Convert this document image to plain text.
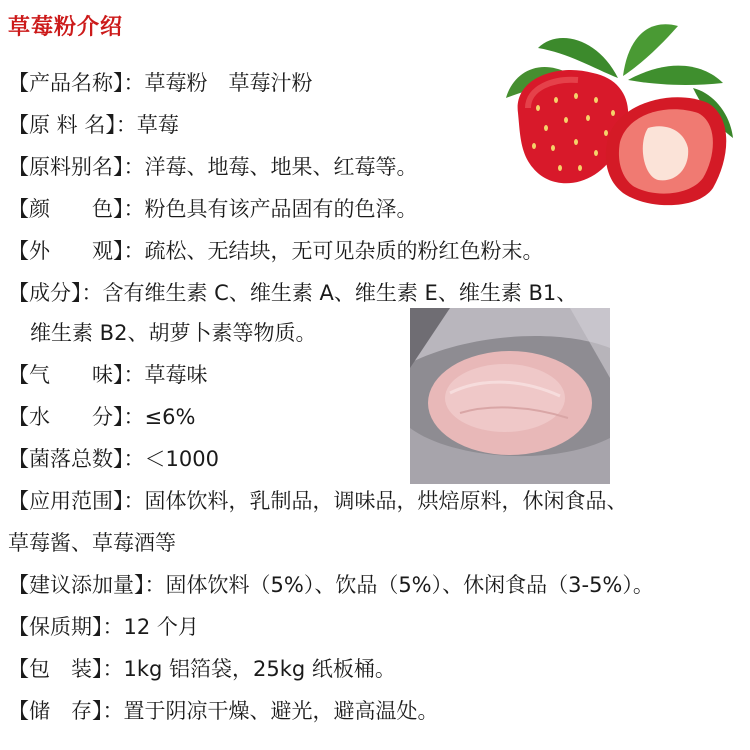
草莓粉介绍
【产品名称】：草莓粉　草莓汁粉
【原 料 名】：草莓
【原料别名】：洋莓、地莓、地果、红莓等。
【颜　　色】：粉色具有该产品固有的色泽。
【外　　观】：疏松、无结块，无可见杂质的粉红色粉末。
【成分】：含有维生素 C、维生素 A、维生素 E、维生素 B1、
维生素 B2、胡萝卜素等物质。
【气　　味】：草莓味
【水　　分】：≤6%
【菌落总数】：＜1000
【应用范围】：固体饮料，乳制品，调味品，烘焙原料，休闲食品、
草莓酱、草莓酒等
【建议添加量】：固体饮料（5%）、饮品（5%）、休闲食品（3-5%）。
【保质期】：12 个月
【包　装】：1kg 铝箔袋，25kg 纸板桶。
【储　存】：置于阴凉干燥、避光，避高温处。
